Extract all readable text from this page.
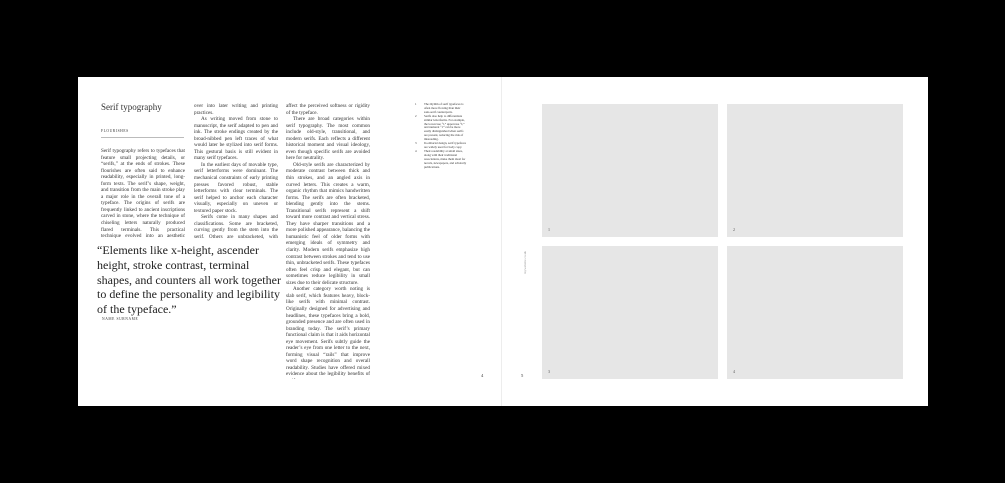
Serif typography
FLOURISHES

Serif typography refers to typefaces that feature small projecting details, or “serifs,” at the ends of strokes. These flourishes are often said to enhance readability, especially in printed, long-form texts. The serif’s shape, weight, and transition from the main stroke play a major role in the overall tone of a typeface. The origins of serifs are frequently linked to ancient inscriptions carved in stone, where the technique of chiseling letters naturally produced flared terminals. This practical technique evolved into an aesthetic

over into later writing and printing practices.

As writing moved from stone to manuscript, the serif adapted to pen and ink. The stroke endings created by the broad-nibbed pen left traces of what would later be stylized into serif forms. This gestural basis is still evident in many serif typefaces.

In the earliest days of movable type, serif letterforms were dominant. The mechanical constraints of early printing presses favored robust, stable letterforms with clear terminals. The serif helped to anchor each character visually, especially on uneven or textured paper stock.

Serifs come in many shapes and classifications. Some are bracketed, curving gently from the stem into the serif. Others are unbracketed, with

affect the perceived softness or rigidity of the typeface.

There are broad categories within serif typography. The most common include old-style, transitional, and modern serifs. Each reflects a different historical moment and visual ideology, even though specific serifs are avoided here for neutrality.

Old-style serifs are characterized by moderate contrast between thick and thin strokes, and an angled axis in curved letters. This creates a warm, organic rhythm that mimics handwritten forms. The serifs are often bracketed, blending gently into the stems. Transitional serifs represent a shift toward more contrast and vertical stress. They have sharper transitions and a more polished appearance, balancing the humanistic feel of older forms with emerging ideals of symmetry and clarity. Modern serifs emphasize high contrast between strokes and tend to use thin, unbracketed serifs. These typefaces often feel crisp and elegant, but can sometimes reduce legibility in small sizes due to their delicate structure.

Another category worth noting is slab serif, which features heavy, block-like serifs with minimal contrast. Originally designed for advertising and headlines, these typefaces bring a bold, grounded presence and are often used in branding today. The serif’s primary functional claim is that it aids horizontal eye movement. Serifs subtly guide the reader’s eye from one letter to the next, forming visual “rails” that improve word shape recognition and overall readability. Studies have offered mixed evidence about the legibility benefits of

“Elements like x-height, ascender height, stroke contrast, terminal shapes, and counters all work together to define the personality and legibility of the typeface.”
NAME SURNAME
1	The rhythm of serif typefaces is often more flowing than their sans-serif counterparts.
2	Serifs also help to differentiate similar letterforms. For example, the lowercase “l,” uppercase “I,” and numeral “1” can be more easily distinguished when serifs are present, reducing the risk of misreading.
3	In editorial design, serif typefaces are widely used for body copy.
4	Their readability at small sizes, along with their traditional associations, make them ideal for novels, newspapers, and scholarly publications.
4	5
mywebsite.co.uk
1	2
3	4
